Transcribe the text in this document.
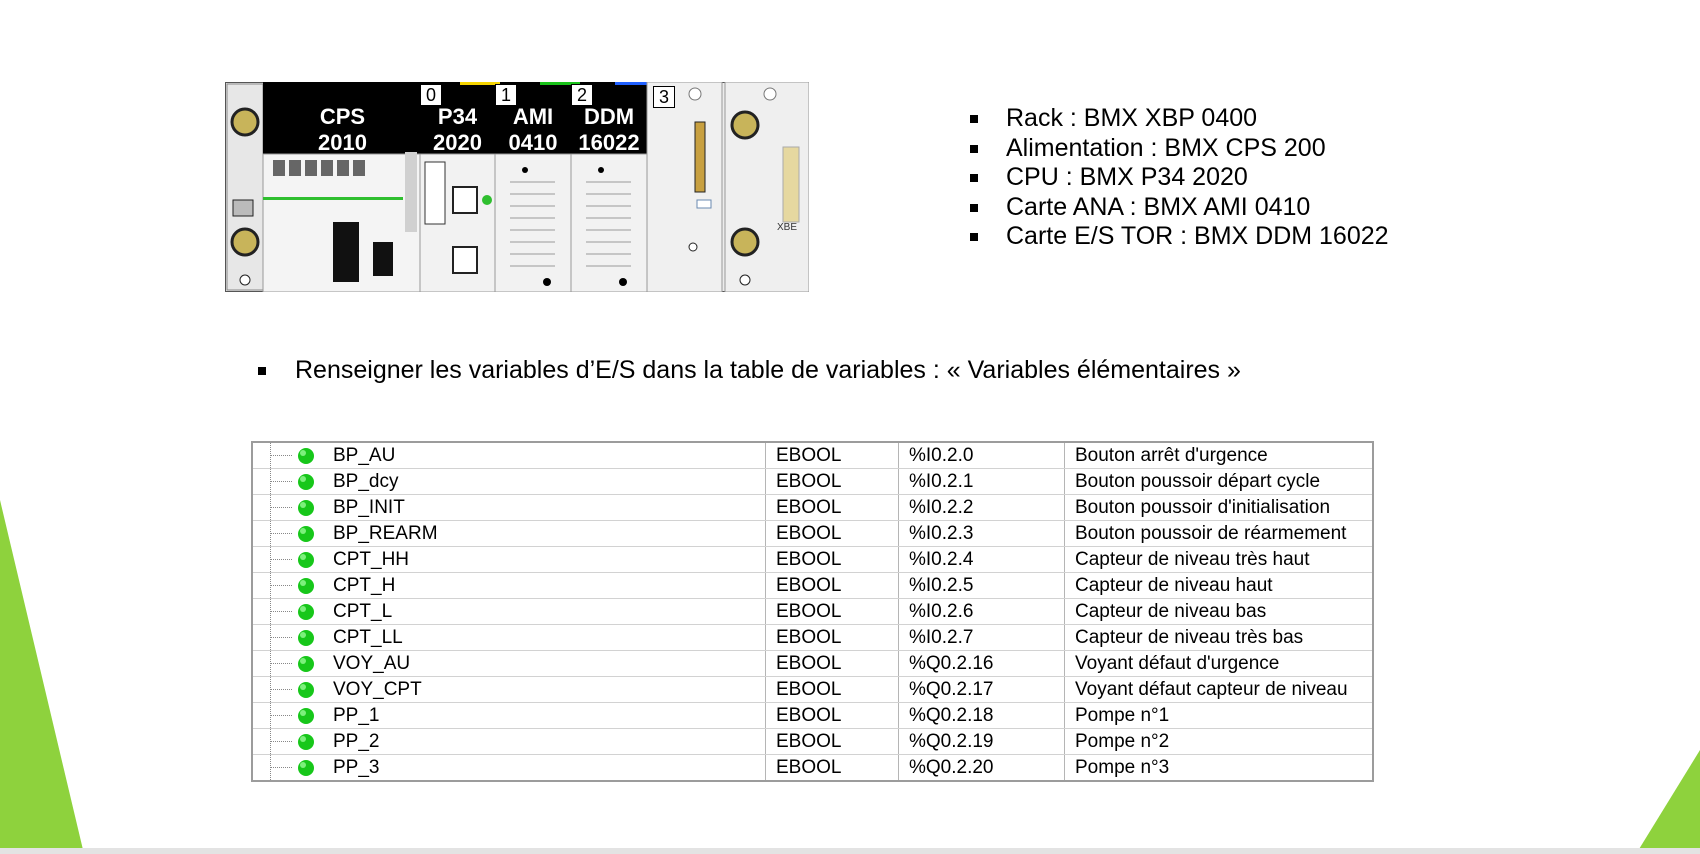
CPS
2010
0
P34
2020
1
AMI
0410
2
DDM
16022
3
XBE
Rack : BMX XBP 0400
Alimentation : BMX CPS 200
CPU : BMX P34 2020
Carte ANA : BMX AMI 0410
Carte E/S TOR : BMX DDM 16022
Renseigner les variables d’E/S dans la table de variables : « Variables élémentaires »
BP_AU	EBOOL	%I0.2.0	Bouton arrêt d'urgence

BP_dcy	EBOOL	%I0.2.1	Bouton poussoir départ cycle

BP_INIT	EBOOL	%I0.2.2	Bouton poussoir d'initialisation

BP_REARM	EBOOL	%I0.2.3	Bouton poussoir de réarmement

CPT_HH	EBOOL	%I0.2.4	Capteur de niveau très haut

CPT_H	EBOOL	%I0.2.5	Capteur de niveau haut

CPT_L	EBOOL	%I0.2.6	Capteur de niveau bas

CPT_LL	EBOOL	%I0.2.7	Capteur de niveau très bas

VOY_AU	EBOOL	%Q0.2.16	Voyant défaut d'urgence

VOY_CPT	EBOOL	%Q0.2.17	Voyant défaut capteur de niveau

PP_1	EBOOL	%Q0.2.18	Pompe n°1

PP_2	EBOOL	%Q0.2.19	Pompe n°2

PP_3	EBOOL	%Q0.2.20	Pompe n°3
